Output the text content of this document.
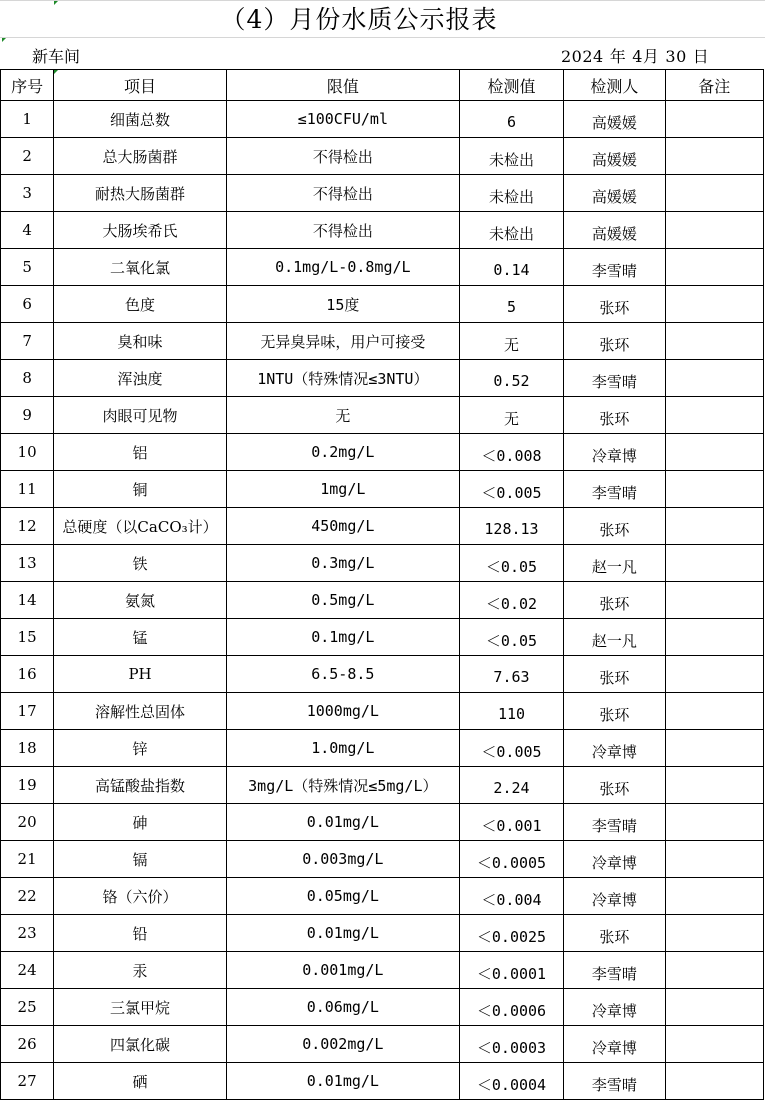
（4）月份水质公示报表
新车间	2024 年 4月 30 日
序号	项目	限值	检测值	检测人	备注
1	细菌总数	≤100CFU/ml	6	高媛媛	
2	总大肠菌群	不得检出	未检出	高媛媛	
3	耐热大肠菌群	不得检出	未检出	高媛媛	
4	大肠埃希氏	不得检出	未检出	高媛媛	
5	二氧化氯	0.1mg/L-0.8mg/L	0.14	李雪晴	
6	色度	15度	5	张环	
7	臭和味	无异臭异味，用户可接受	无	张环	
8	浑浊度	1NTU（特殊情况≤3NTU）	0.52	李雪晴	
9	肉眼可见物	无	无	张环	
10	铝	0.2mg/L	＜0.008	冷章博	
11	铜	1mg/L	＜0.005	李雪晴	
12	总硬度（以CaCO₃计）	450mg/L	128.13	张环	
13	铁	0.3mg/L	＜0.05	赵一凡	
14	氨氮	0.5mg/L	＜0.02	张环	
15	锰	0.1mg/L	＜0.05	赵一凡	
16	PH	6.5-8.5	7.63	张环	
17	溶解性总固体	1000mg/L	110	张环	
18	锌	1.0mg/L	＜0.005	冷章博	
19	高锰酸盐指数	3mg/L（特殊情况≤5mg/L）	2.24	张环	
20	砷	0.01mg/L	＜0.001	李雪晴	
21	镉	0.003mg/L	＜0.0005	冷章博	
22	铬（六价）	0.05mg/L	＜0.004	冷章博	
23	铅	0.01mg/L	＜0.0025	张环	
24	汞	0.001mg/L	＜0.0001	李雪晴	
25	三氯甲烷	0.06mg/L	＜0.0006	冷章博	
26	四氯化碳	0.002mg/L	＜0.0003	冷章博	
27	硒	0.01mg/L	＜0.0004	李雪晴	
